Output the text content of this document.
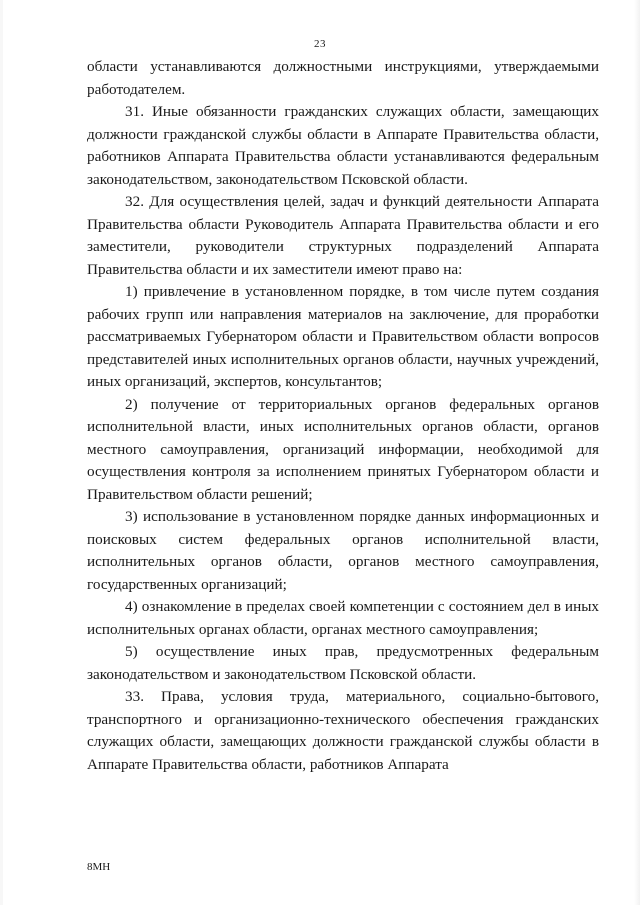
23

области устанавливаются должностными инструкциями, утверждаемыми работодателем.

31. Иные обязанности гражданских служащих области, замещающих должности гражданской службы области в Аппарате Правительства области, работников Аппарата Правительства области устанавливаются федеральным законодательством, законодательством Псковской области.

32. Для осуществления целей, задач и функций деятельности Аппарата Правительства области Руководитель Аппарата Правительства области и его заместители, руководители структурных подразделений Аппарата Правительства области и их заместители имеют право на:

1) привлечение в установленном порядке, в том числе путем создания рабочих групп или направления материалов на заключение, для проработки рассматриваемых Губернатором области и Правительством области вопросов представителей иных исполнительных органов области, научных учреждений, иных организаций, экспертов, консультантов;

2) получение от территориальных органов федеральных органов исполнительной власти, иных исполнительных органов области, органов местного самоуправления, организаций информации, необходимой для осуществления контроля за исполнением принятых Губернатором области и Правительством области решений;

3) использование в установленном порядке данных информационных и поисковых систем федеральных органов исполнительной власти, исполнительных органов области, органов местного самоуправления, государственных организаций;

4) ознакомление в пределах своей компетенции с состоянием дел в иных исполнительных органах области, органах местного самоуправления;

5) осуществление иных прав, предусмотренных федеральным законодательством и законодательством Псковской области.

33. Права, условия труда, материального, социально-бытового, транспортного и организационно-технического обеспечения гражданских служащих области, замещающих должности гражданской службы области в Аппарате Правительства области, работников Аппарата

8МН
